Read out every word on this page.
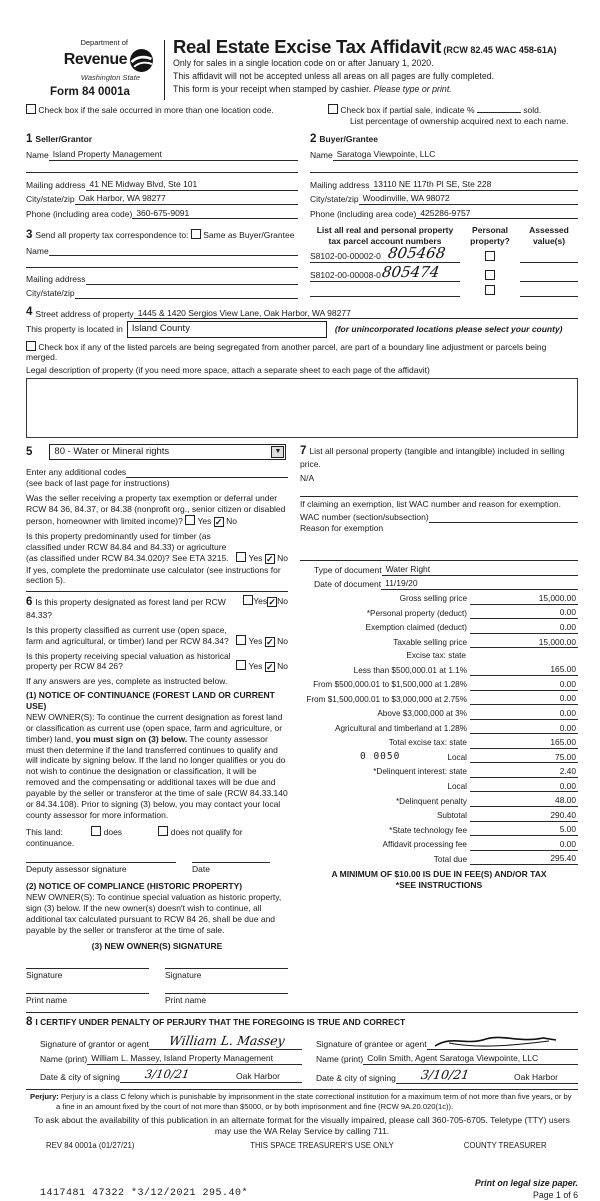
Department of
Revenue
Washington State
Form 84 0001a
Real Estate Excise Tax Affidavit (RCW 82.45 WAC 458-61A)
Only for sales in a single location code on or after January 1, 2020.
This affidavit will not be accepted unless all areas on all pages are fully completed.
This form is your receipt when stamped by cashier. Please type or print.
Check box if the sale occurred in more than one location code.	Check box if partial sale, indicate %	sold.
List percentage of ownership acquired next to each name.
1 Seller/Grantor
Name Island Property Management
Mailing address 41 NE Midway Blvd, Ste 101
City/state/zip Oak Harbor, WA 98277
Phone (including area code) 360-675-9091
3 Send all property tax correspondence to: Same as Buyer/Grantee
Name
Mailing address
City/state/zip
2 Buyer/Grantee
Name Saratoga Viewpointe, LLC
Mailing address 13110 NE 117th Pl SE, Ste 228
City/state/zip Woodinville, WA 98072
Phone (including area code) 425286-9757
List all real and personal property tax parcel account numbers
Personal property?
Assessed value(s)
S8102-00-00002-0 805468
S8102-00-00008-0 805474
4 Street address of property 1445 & 1420 Sergios View Lane, Oak Harbor, WA 98277
This property is located in Island County	(for unincorporated locations please select your county)
Check box if any of the listed parcels are being segregated from another parcel, are part of a boundary line adjustment or parcels being merged.
Legal description of property (if you need more space, attach a separate sheet to each page of the affidavit)
5 80 - Water or Mineral rights	▼
Enter any additional codes
(see back of last page for instructions)
Was the seller receiving a property tax exemption or deferral under RCW 84 36, 84.37, or 84.38 (nonprofit org., senior citizen or disabled person, homeowner with limited income)? Yes ✓ No
Is this property predominantly used for timber (as classified under RCW 84.84 and 84.33) or agriculture (as classified under RCW 84.34.020)? See ETA 3215.	Yes ✓ No
If yes, complete the predominate use calculator (see instructions for section 5).
6 Is this property designated as forest land per RCW 84.33?
Yes✓No
Is this property classified as current use (open space, farm and agricultural, or timber) land per RCW 84.34?	Yes ✓ No
Is this property receiving special valuation as historical property per RCW 84 26?	Yes ✓ No
If any answers are yes, complete as instructed below.
(1) NOTICE OF CONTINUANCE (FOREST LAND OR CURRENT USE)
NEW OWNER(S): To continue the current designation as forest land or classification as current use (open space, farm and agriculture, or timber) land, you must sign on (3) below. The county assessor must then determine if the land transferred continues to qualify and will indicate by signing below. If the land no longer qualifies or you do not wish to continue the designation or classification, it will be removed and the compensating or additional taxes will be due and payable by the seller or transferor at the time of sale (RCW 84.33.140 or 84.34.108). Prior to signing (3) below, you may contact your local county assessor for more information.
This land:	does	does not qualify for
continuance.
Deputy assessor signature	Date
(2) NOTICE OF COMPLIANCE (HISTORIC PROPERTY)
NEW OWNER(S): To continue special valuation as historic property, sign (3) below. If the new owner(s) doesn't wish to continue, all additional tax calculated pursuant to RCW 84 26, shall be due and payable by the seller or transferor at the time of sale.
(3) NEW OWNER(S) SIGNATURE
Signature	Signature
Print name	Print name
7 List all personal property (tangible and intangible) included in selling price.
N/A
If claiming an exemption, list WAC number and reason for exemption.
WAC number (section/subsection)
Reason for exemption
Type of document Water Right
Date of document 11/19/20
Gross selling price	15,000.00
*Personal property (deduct)	0.00
Exemption claimed (deduct)	0.00
Taxable selling price	15,000.00
Excise tax: state
Less than $500,000.01 at 1.1%	165.00
From $500,000.01 to $1,500,000 at 1.28%	0.00
From $1,500,000.01 to $3,000,000 at 2.75%	0.00
Above $3,000,000 at 3%	0.00
Agricultural and timberland at 1.28%	0.00
Total excise tax: state	165.00
0 0050	Local	75.00
*Delinquent interest: state	2.40
Local	0.00
*Delinquent penalty	48.00
Subtotal	290.40
*State technology fee	5.00
Affidavit processing fee	0.00
Total due	295.40
A MINIMUM OF $10.00 IS DUE IN FEE(S) AND/OR TAX
*SEE INSTRUCTIONS
8 I CERTIFY UNDER PENALTY OF PERJURY THAT THE FOREGOING IS TRUE AND CORRECT
Signature of grantor or agent	William L. Massey
Name (print) William L. Massey, Island Property Management
Date & city of signing	3/10/21	Oak Harbor
Signature of grantee or agent
Name (print) Colin Smith, Agent Saratoga Viewpointe, LLC
Date & city of signing	3/10/21	Oak Harbor
Perjury: Perjury is a class C felony which is punishable by imprisonment in the state correctional institution for a maximum term of not more than five years, or by a fine in an amount fixed by the court of not more than $5000, or by both imprisonment and fine (RCW 9A.20.020(1c)).
To ask about the availability of this publication in an alternate format for the visually impaired, please call 360-705-6705. Teletype (TTY) users may use the WA Relay Service by calling 711.
REV 84 0001a (01/27/21)	THIS SPACE TREASURER'S USE ONLY	COUNTY TREASURER
1417481 47322 *3/12/2021 295.40*
Print on legal size paper.
Page 1 of 6
